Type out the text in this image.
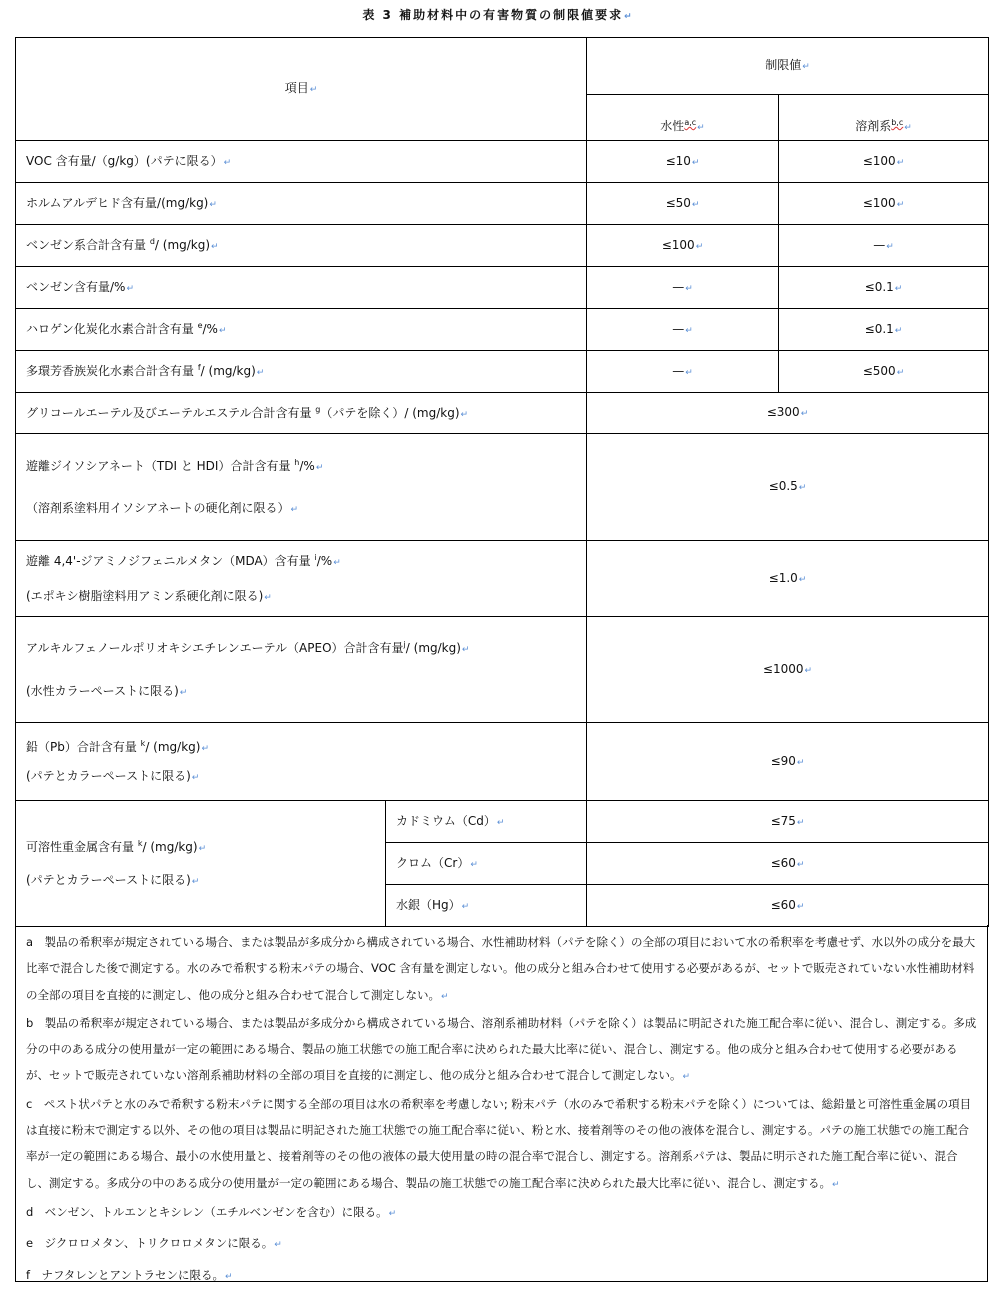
表 3 補助材料中の有害物質の制限値要求↵
項目↵		制限値↵	
		水性$^{a,c}$↵	溶剤系$^{b,c}$↵
VOC 含有量/（g/kg）(パテに限る）↵		≤10↵	≤100↵
ホルムアルデヒド含有量/(mg/kg)↵		≤50↵	≤100↵
ベンゼン系合計含有量 $^d$/ (mg/kg)↵		≤100↵	—↵
ベンゼン含有量/%↵		—↵	≤0.1↵
ハロゲン化炭化水素合計含有量 $^e$/%↵		—↵	≤0.1↵
多環芳香族炭化水素合計含有量 $^f$/ (mg/kg)↵		—↵	≤500↵
グリコールエーテル及びエーテルエステル合計含有量 $^g$（パテを除く）/ (mg/kg)↵		≤300↵	

遊離ジイソシアネート（TDI と HDI）合計含有量 $^h$/%↵
（溶剤系塗料用イソシアネートの硬化剤に限る）↵		≤0.5↵	

遊離 4,4'-ジアミノジフェニルメタン（MDA）含有量 $^i$/%↵
(エポキシ樹脂塗料用アミン系硬化剤に限る)↵		≤1.0↵	

アルキルフェノールポリオキシエチレンエーテル（APEO）合計含有量$^j$/ (mg/kg)↵
(水性カラーペーストに限る)↵		≤1000↵	

鉛（Pb）合計含有量 $^k$/ (mg/kg)↵
(パテとカラーペーストに限る)↵		≤90↵	

可溶性重金属含有量 $^k$/ (mg/kg)↵
(パテとカラーペーストに限る)↵	カドミウム（Cd）↵	≤75↵	
	クロム（Cr）↵	≤60↵	
	水銀（Hg）↵	≤60↵	

a　製品の希釈率が規定されている場合、または製品が多成分から構成されている場合、水性補助材料（パテを除く）の全部の項目において水の希釈率を考慮せず、水以外の成分を最大比率で混合した後で測定する。水のみで希釈する粉末パテの場合、VOC 含有量を測定しない。他の成分と組み合わせて使用する必要があるが、セットで販売されていない水性補助材料の全部の項目を直接的に測定し、他の成分と組み合わせて混合して測定しない。↵

b　製品の希釈率が規定されている場合、または製品が多成分から構成されている場合、溶剤系補助材料（パテを除く）は製品に明記された施工配合率に従い、混合し、測定する。多成分の中のある成分の使用量が一定の範囲にある場合、製品の施工状態での施工配合率に決められた最大比率に従い、混合し、測定する。他の成分と組み合わせて使用する必要があるが、セットで販売されていない溶剤系補助材料の全部の項目を直接的に測定し、他の成分と組み合わせて混合して測定しない。↵

c　ペスト状パテと水のみで希釈する粉末パテに関する全部の項目は水の希釈率を考慮しない; 粉末パテ（水のみで希釈する粉末パテを除く）については、総鉛量と可溶性重金属の項目は直接に粉末で測定する以外、その他の項目は製品に明記された施工状態での施工配合率に従い、粉と水、接着剤等のその他の液体を混合し、測定する。パテの施工状態での施工配合率が一定の範囲にある場合、最小の水使用量と、接着剤等のその他の液体の最大使用量の時の混合率で混合し、測定する。溶剤系パテは、製品に明示された施工配合率に従い、混合し、測定する。多成分の中のある成分の使用量が一定の範囲にある場合、製品の施工状態での施工配合率に決められた最大比率に従い、混合し、測定する。↵

d　ベンゼン、トルエンとキシレン（エチルベンゼンを含む）に限る。↵

e　ジクロロメタン、トリクロロメタンに限る。↵

f　ナフタレンとアントラセンに限る。↵
